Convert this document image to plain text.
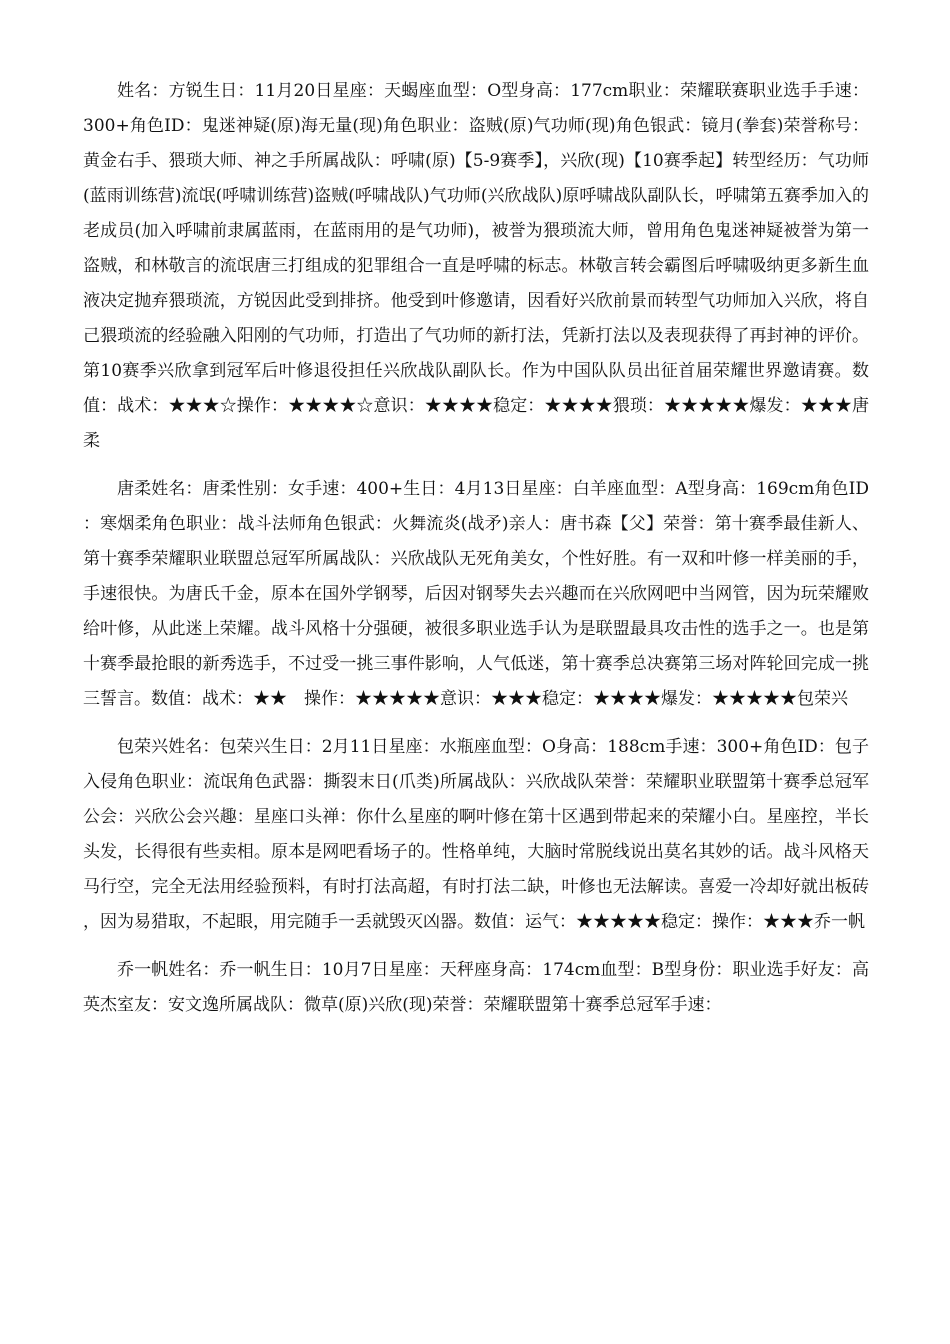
姓名：方锐生日：11月20日星座：天蝎座血型：O型身高：177cm职业：荣耀联赛职业选手手速：300+角色ID：鬼迷神疑(原)海无量(现)角色职业：盗贼(原)气功师(现)角色银武：镜月(拳套)荣誉称号：黄金右手、猥琐大师、神之手所属战队：呼啸(原)【5-9赛季】，兴欣(现)【10赛季起】转型经历：气功师(蓝雨训练营)流氓(呼啸训练营)盗贼(呼啸战队)气功师(兴欣战队)原呼啸战队副队长，呼啸第五赛季加入的老成员(加入呼啸前隶属蓝雨，在蓝雨用的是气功师)，被誉为猥琐流大师，曾用角色鬼迷神疑被誉为第一盗贼，和林敬言的流氓唐三打组成的犯罪组合一直是呼啸的标志。林敬言转会霸图后呼啸吸纳更多新生血液决定抛弃猥琐流，方锐因此受到排挤。他受到叶修邀请，因看好兴欣前景而转型气功师加入兴欣，将自己猥琐流的经验融入阳刚的气功师，打造出了气功师的新打法，凭新打法以及表现获得了再封神的评价。第10赛季兴欣拿到冠军后叶修退役担任兴欣战队副队长。作为中国队队员出征首届荣耀世界邀请赛。数值：战术：★★★☆操作：★★★★☆意识：★★★★稳定：★★★★猥琐：★★★★★爆发：★★★唐柔

唐柔姓名：唐柔性别：女手速：400+生日：4月13日星座：白羊座血型：A型身高：169cm角色ID：寒烟柔角色职业：战斗法师角色银武：火舞流炎(战矛)亲人：唐书森【父】荣誉：第十赛季最佳新人、第十赛季荣耀职业联盟总冠军所属战队：兴欣战队无死角美女，个性好胜。有一双和叶修一样美丽的手，手速很快。为唐氏千金，原本在国外学钢琴，后因对钢琴失去兴趣而在兴欣网吧中当网管，因为玩荣耀败给叶修，从此迷上荣耀。战斗风格十分强硬，被很多职业选手认为是联盟最具攻击性的选手之一。也是第十赛季最抢眼的新秀选手，不过受一挑三事件影响，人气低迷，第十赛季总决赛第三场对阵轮回完成一挑三誓言。数值：战术：★★　操作：★★★★★意识：★★★稳定：★★★★爆发：★★★★★包荣兴

包荣兴姓名：包荣兴生日：2月11日星座：水瓶座血型：O身高：188cm手速：300+角色ID：包子入侵角色职业：流氓角色武器：撕裂末日(爪类)所属战队：兴欣战队荣誉：荣耀职业联盟第十赛季总冠军公会：兴欣公会兴趣：星座口头禅：你什么星座的啊叶修在第十区遇到带起来的荣耀小白。星座控，半长头发，长得很有些卖相。原本是网吧看场子的。性格单纯，大脑时常脱线说出莫名其妙的话。战斗风格天马行空，完全无法用经验预料，有时打法高超，有时打法二缺，叶修也无法解读。喜爱一冷却好就出板砖，因为易猎取，不起眼，用完随手一丢就毁灭凶器。数值：运气：★★★★★稳定：操作：★★★乔一帆

乔一帆姓名：乔一帆生日：10月7日星座：天秤座身高：174cm血型：B型身份：职业选手好友：高英杰室友：安文逸所属战队：微草(原)兴欣(现)荣誉：荣耀联盟第十赛季总冠军手速：
